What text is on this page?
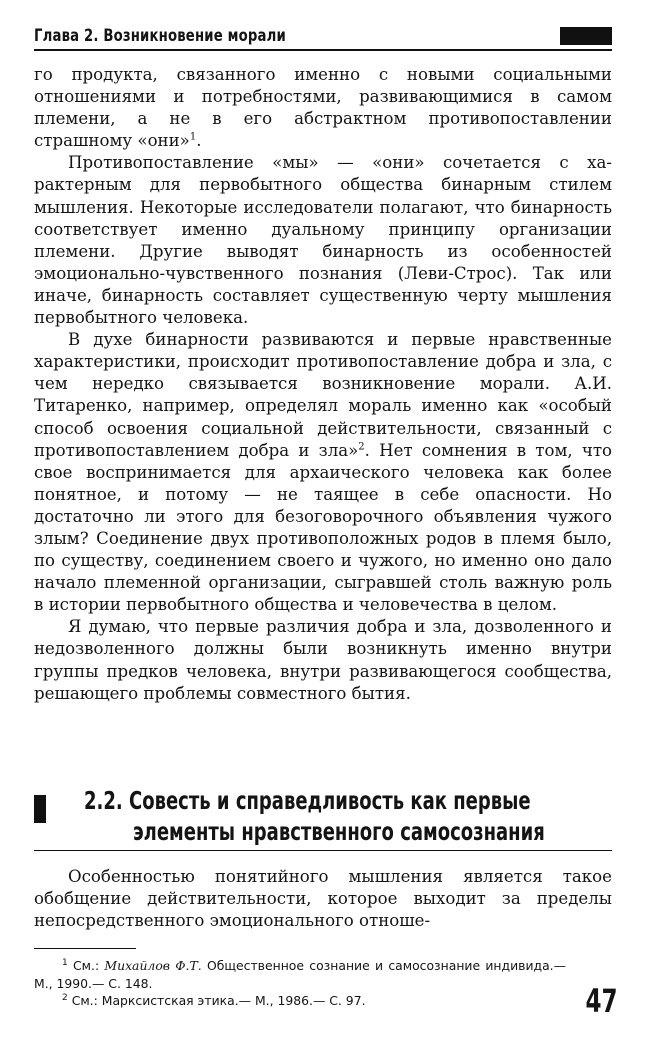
Глава 2. Возникновение морали

го продукта, связанного именно с новыми социальными отношениями и потребностями, развивающимися в самом племени, а не в его абстрактном противопоставлении страшному «они»$^1$.

Противопоставление «мы» — «они» сочетается с характерным для первобытного общества бинарным стилем мышления. Некоторые исследователи полагают, что бинарность соответствует именно дуальному принципу организации племени. Другие выводят бинарность из особенностей эмоционально-чувственного познания (Леви-Строс). Так или иначе, бинарность составляет существенную черту мышления первобытного человека.

В духе бинарности развиваются и первые нравственные характеристики, происходит противопоставление добра и зла, с чем нередко связывается возникновение морали. А.И. Титаренко, например, определял мораль именно как «особый способ освоения социальной действительности, связанный с противопоставлением добра и зла»$^2$. Нет сомнения в том, что свое воспринимается для архаического человека как более понятное, и потому — не таящее в себе опасности. Но достаточно ли этого для безоговорочного объявления чужого злым? Соединение двух противоположных родов в племя было, по существу, соединением своего и чужого, но именно оно дало начало племенной организации, сыгравшей столь важную роль в истории первобытного общества и человечества в целом.

Я думаю, что первые различия добра и зла, дозволенного и недозволенного должны были возникнуть именно внутри группы предков человека, внутри развивающегося сообщества, решающего проблемы совместного бытия.

2.2. Совесть и справедливость как первые
элементы нравственного самосознания

Особенностью понятийного мышления является такое обобщение действительности, которое выходит за пределы непосредственного эмоционального отноше-

$^1$ См.: Михайлов Ф.Т. Общественное сознание и самосознание индивида.— М., 1990.— С. 148.

$^2$ См.: Марксистская этика.— М., 1986.— С. 97.	47
